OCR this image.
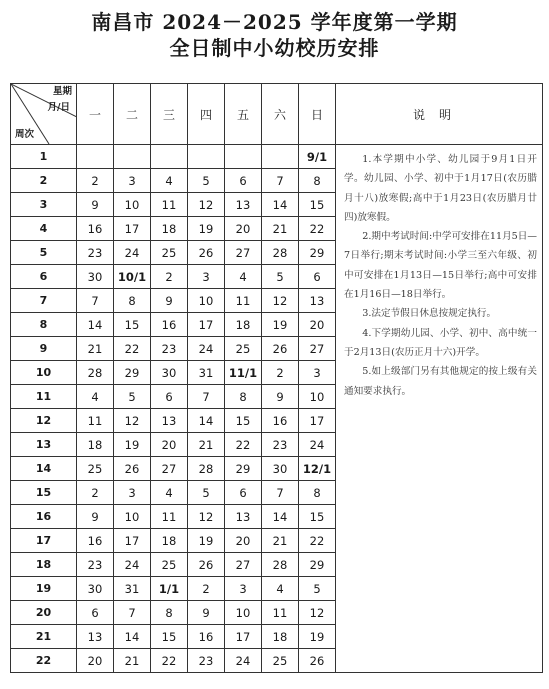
南昌市 2024－2025 学年度第一学期
全日制中小幼校历安排
星期
月/日
周次	一	二	三	四	五	六	日	说明
1							9/1	1.本学期中小学、幼儿园于9月1日开学。幼儿园、小学、初中于1月17日(农历腊月十八)放寒假;高中于1月23日(农历腊月廿四)放寒假。

2.期中考试时间:中学可安排在11月5日—7日举行;期末考试时间:小学三至六年级、初中可安排在1月13日—15日举行;高中可安排在1月16日—18日举行。

3.法定节假日休息按规定执行。

4.下学期幼儿园、小学、初中、高中统一于2月13日(农历正月十六)开学。

5.如上级部门另有其他规定的按上级有关通知要求执行。

2	2	3	4	5	6	7	8	
3	9	10	11	12	13	14	15	
4	16	17	18	19	20	21	22	
5	23	24	25	26	27	28	29	
6	30	10/1	2	3	4	5	6	
7	7	8	9	10	11	12	13	
8	14	15	16	17	18	19	20	
9	21	22	23	24	25	26	27	
10	28	29	30	31	11/1	2	3	
11	4	5	6	7	8	9	10	
12	11	12	13	14	15	16	17	
13	18	19	20	21	22	23	24	
14	25	26	27	28	29	30	12/1	
15	2	3	4	5	6	7	8	
16	9	10	11	12	13	14	15	
17	16	17	18	19	20	21	22	
18	23	24	25	26	27	28	29	
19	30	31	1/1	2	3	4	5	
20	6	7	8	9	10	11	12	
21	13	14	15	16	17	18	19	
22	20	21	22	23	24	25	26	
